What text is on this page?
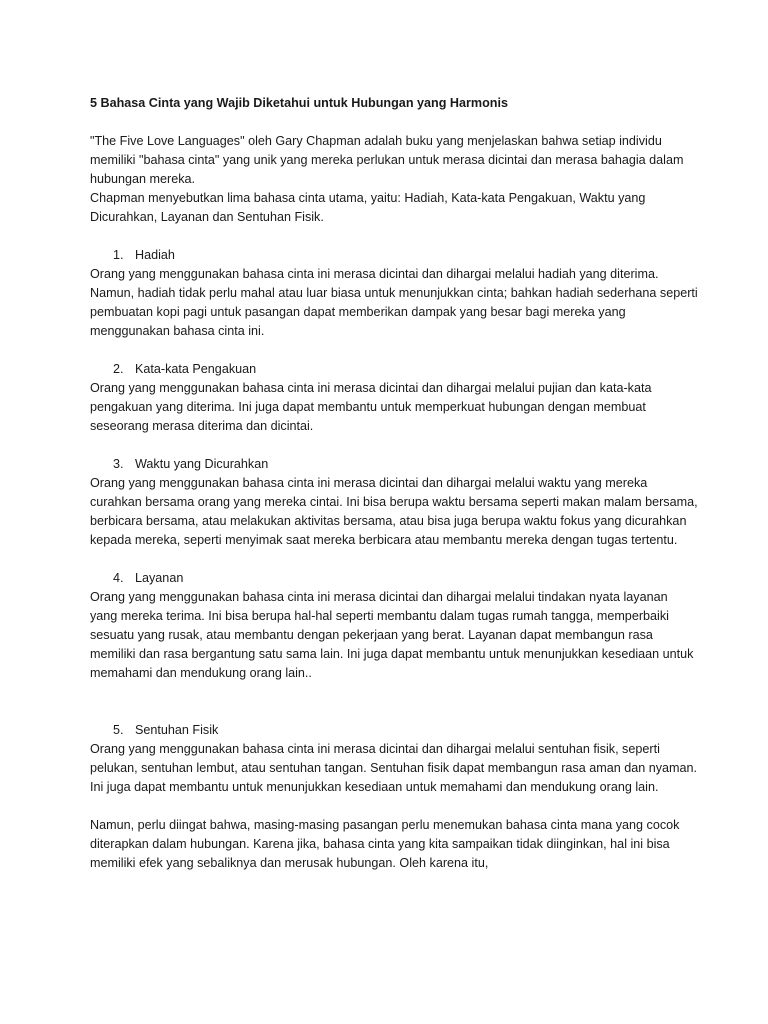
5 Bahasa Cinta yang Wajib Diketahui untuk Hubungan yang Harmonis

"The Five Love Languages" oleh Gary Chapman adalah buku yang menjelaskan bahwa setiap individu memiliki "bahasa cinta" yang unik yang mereka perlukan untuk merasa dicintai dan merasa bahagia dalam hubungan mereka.

Chapman menyebutkan lima bahasa cinta utama, yaitu: Hadiah, Kata-kata Pengakuan, Waktu yang Dicurahkan, Layanan dan Sentuhan Fisik.

1. Hadiah

Orang yang menggunakan bahasa cinta ini merasa dicintai dan dihargai melalui hadiah yang diterima. Namun, hadiah tidak perlu mahal atau luar biasa untuk menunjukkan cinta; bahkan hadiah sederhana seperti pembuatan kopi pagi untuk pasangan dapat memberikan dampak yang besar bagi mereka yang menggunakan bahasa cinta ini.

2. Kata-kata Pengakuan

Orang yang menggunakan bahasa cinta ini merasa dicintai dan dihargai melalui pujian dan kata-kata pengakuan yang diterima. Ini juga dapat membantu untuk memperkuat hubungan dengan membuat seseorang merasa diterima dan dicintai.

3. Waktu yang Dicurahkan

Orang yang menggunakan bahasa cinta ini merasa dicintai dan dihargai melalui waktu yang mereka curahkan bersama orang yang mereka cintai. Ini bisa berupa waktu bersama seperti makan malam bersama, berbicara bersama, atau melakukan aktivitas bersama, atau bisa juga berupa waktu fokus yang dicurahkan kepada mereka, seperti menyimak saat mereka berbicara atau membantu mereka dengan tugas tertentu.

4. Layanan

Orang yang menggunakan bahasa cinta ini merasa dicintai dan dihargai melalui tindakan nyata layanan yang mereka terima. Ini bisa berupa hal-hal seperti membantu dalam tugas rumah tangga, memperbaiki sesuatu yang rusak, atau membantu dengan pekerjaan yang berat. Layanan dapat membangun rasa memiliki dan rasa bergantung satu sama lain. Ini juga dapat membantu untuk menunjukkan kesediaan untuk memahami dan mendukung orang lain..

5. Sentuhan Fisik

Orang yang menggunakan bahasa cinta ini merasa dicintai dan dihargai melalui sentuhan fisik, seperti pelukan, sentuhan lembut, atau sentuhan tangan. Sentuhan fisik dapat membangun rasa aman dan nyaman. Ini juga dapat membantu untuk menunjukkan kesediaan untuk memahami dan mendukung orang lain.

Namun, perlu diingat bahwa, masing-masing pasangan perlu menemukan bahasa cinta mana yang cocok diterapkan dalam hubungan. Karena jika, bahasa cinta yang kita sampaikan tidak diinginkan, hal ini bisa memiliki efek yang sebaliknya dan merusak hubungan. Oleh karena itu,
